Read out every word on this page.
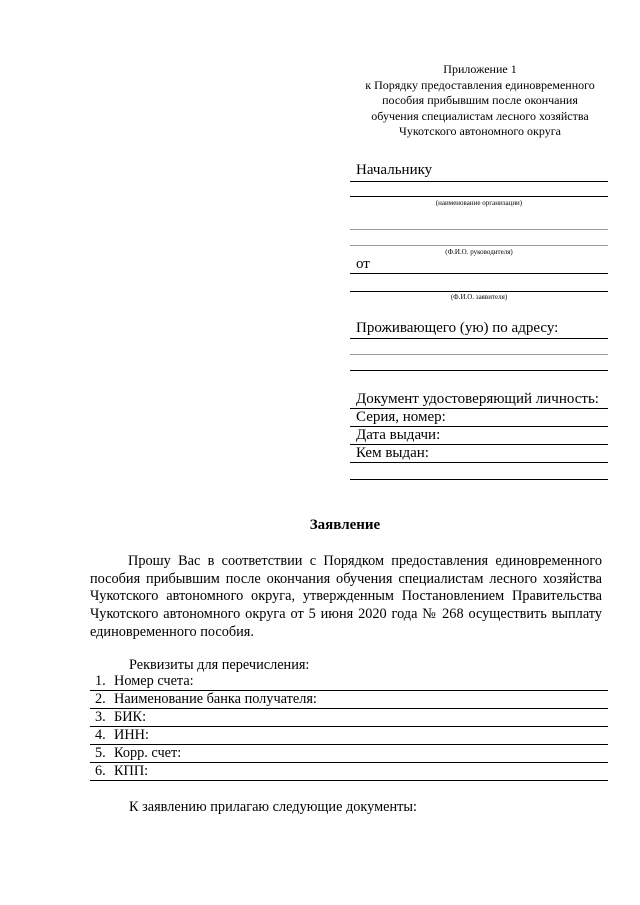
Приложение 1
к Порядку предоставления единовременного
пособия прибывшим после окончания
обучения специалистам лесного хозяйства
Чукотского автономного округа
Начальнику
(наименование организации)
(Ф.И.О. руководителя)
от
(Ф.И.О. заявителя)
Проживающего (ую) по адресу:
Документ удостоверяющий личность:
Серия, номер:
Дата выдачи:
Кем выдан:
Заявление

Прошу Вас в соответствии с Порядком предоставления единовременного пособия прибывшим после окончания обучения специалистам лесного хозяйства Чукотского автономного округа, утвержденным Постановлением Правительства Чукотского автономного округа от 5 июня 2020 года № 268 осуществить выплату единовременного пособия.

Реквизиты для перечисления:
1. Номер счета:
2. Наименование банка получателя:
3. БИК:
4. ИНН:
5. Корр. счет:
6. КПП:
К заявлению прилагаю следующие документы:
